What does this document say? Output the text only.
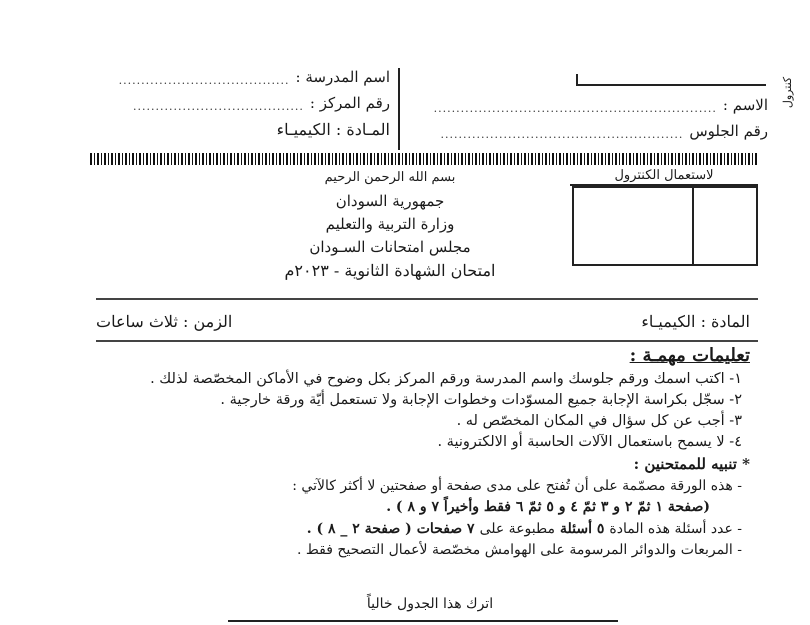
كنترول
اسم المدرسة :
......................................
رقم المركز :
......................................
المـادة : الكيميـاء
الاسم :
...............................................................
رقم الجلوس
......................................................
لاستعمال الكنترول
بسم الله الرحمن الرحيم
جمهورية السودان
وزارة التربية والتعليم
مجلس امتحانات السـودان
امتحان الشهادة الثانوية - ٢٠٢٣م
المادة : الكيميـاء
الزمن : ثلاث ساعات
تعليمات مهمـة :
١- اكتب اسمك ورقم جلوسك واسم المدرسة ورقم المركز بكل وضوح في الأماكن المخصّصة لذلك .
٢- سجّل بكراسة الإجابة جميع المسوّدات وخطوات الإجابة ولا تستعمل أيّة ورقة خارجية .
٣- أجب عن كل سؤال في المكان المخصّص له .
٤- لا يسمح باستعمال الآلات الحاسبة أو الالكترونية .
* تنبيه للممتحنين :
- هذه الورقة مصمّمة على أن تُفتح على مدى صفحة أو صفحتين لا أكثر كالآتي :
(صفحة ١ ثمّ ٢ و ٣ ثمّ ٤ و ٥ ثمّ ٦ فقط وأخيراً ٧ و ٨ ) .
- عدد أسئلة هذه المادة
٥ أسئلة
مطبوعة على
٧ صفحات
( صفحة ٢ _ ٨ ) .
- المربعات والدوائر المرسومة على الهوامش مخصّصة لأعمال التصحيح فقط .
اترك هذا الجدول خالياً
